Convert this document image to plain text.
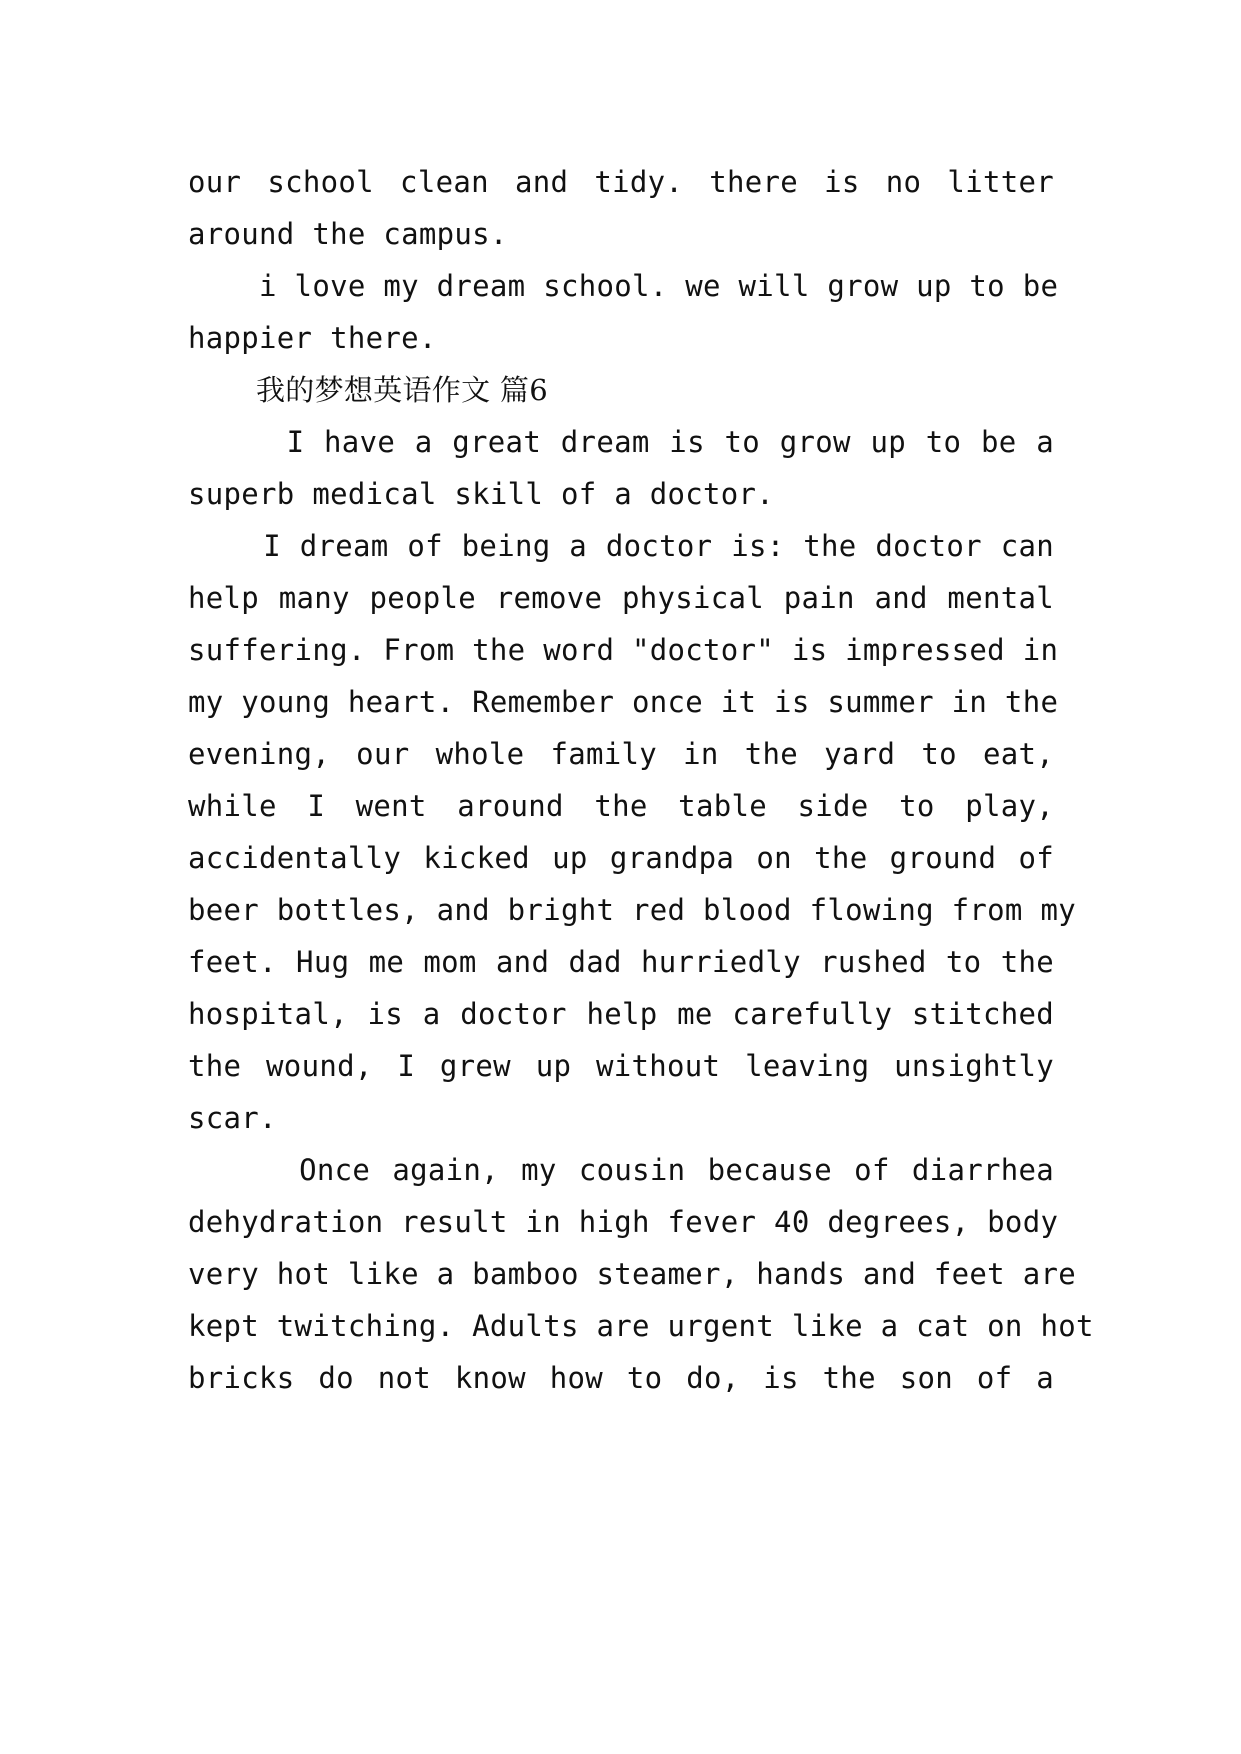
our school clean and tidy. there is no litter
around the campus.
i love my dream school. we will grow up to be
happier there.
我的梦想英语作文 篇6
I have a great dream is to grow up to be a
superb medical skill of a doctor.
I dream of being a doctor is: the doctor can
help many people remove physical pain and mental
suffering. From the word "doctor" is impressed in
my young heart. Remember once it is summer in the
evening, our whole family in the yard to eat,
while I went around the table side to play,
accidentally kicked up grandpa on the ground of
beer bottles, and bright red blood flowing from my
feet. Hug me mom and dad hurriedly rushed to the
hospital, is a doctor help me carefully stitched
the wound, I grew up without leaving unsightly
scar.
Once again, my cousin because of diarrhea
dehydration result in high fever 40 degrees, body
very hot like a bamboo steamer, hands and feet are
kept twitching. Adults are urgent like a cat on hot
bricks do not know how to do, is the son of a
